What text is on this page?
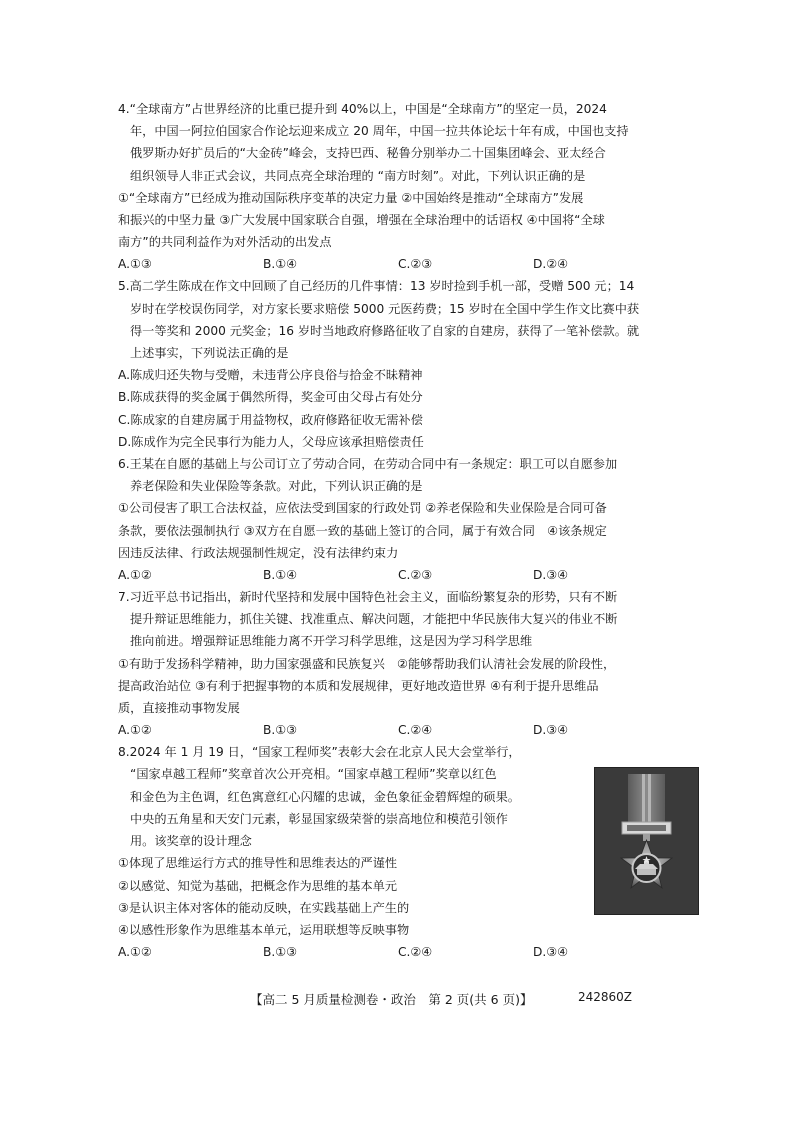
4.“全球南方”占世界经济的比重已提升到 40%以上，中国是“全球南方”的坚定一员，2024
年，中国一阿拉伯国家合作论坛迎来成立 20 周年，中国一拉共体论坛十年有成，中国也支持
俄罗斯办好扩员后的“大金砖”峰会，支持巴西、秘鲁分别举办二十国集团峰会、亚太经合
组织领导人非正式会议，共同点亮全球治理的 “南方时刻”。对此，下列认识正确的是
①“全球南方”已经成为推动国际秩序变革的决定力量 ②中国始终是推动“全球南方”发展
和振兴的中坚力量 ③广大发展中国家联合自强，增强在全球治理中的话语权 ④中国将“全球
南方”的共同利益作为对外活动的出发点
A.①③	B.①④	C.②③	D.②④
5.高二学生陈成在作文中回顾了自己经历的几件事情：13 岁时捡到手机一部，受赠 500 元；14
岁时在学校误伤同学，对方家长要求赔偿 5000 元医药费；15 岁时在全国中学生作文比赛中获
得一等奖和 2000 元奖金；16 岁时当地政府修路征收了自家的自建房，获得了一笔补偿款。就
上述事实，下列说法正确的是
A.陈成归还失物与受赠，未违背公序良俗与拾金不昧精神
B.陈成获得的奖金属于偶然所得，奖金可由父母占有处分
C.陈成家的自建房属于用益物权，政府修路征收无需补偿
D.陈成作为完全民事行为能力人，父母应该承担赔偿责任
6.王某在自愿的基础上与公司订立了劳动合同，在劳动合同中有一条规定：职工可以自愿参加
养老保险和失业保险等条款。对此，下列认识正确的是
①公司侵害了职工合法权益，应依法受到国家的行政处罚 ②养老保险和失业保险是合同可备
条款，要依法强制执行 ③双方在自愿一致的基础上签订的合同，属于有效合同　④该条规定
因违反法律、行政法规强制性规定，没有法律约束力
A.①②	B.①④	C.②③	D.③④
7.习近平总书记指出，新时代坚持和发展中国特色社会主义，面临纷繁复杂的形势，只有不断
提升辩证思维能力，抓住关键、找准重点、解决问题，才能把中华民族伟大复兴的伟业不断
推向前进。增强辩证思维能力离不开学习科学思维，这是因为学习科学思维
①有助于发扬科学精神，助力国家强盛和民族复兴　②能够帮助我们认清社会发展的阶段性，
提高政治站位 ③有利于把握事物的本质和发展规律，更好地改造世界 ④有利于提升思维品
质，直接推动事物发展
A.①②	B.①③	C.②④	D.③④
8.2024 年 1 月 19 日，“国家工程师奖”表彰大会在北京人民大会堂举行，
“国家卓越工程师”奖章首次公开亮相。“国家卓越工程师”奖章以红色
和金色为主色调，红色寓意红心闪耀的忠诚，金色象征金碧辉煌的硕果。
中央的五角星和天安门元素，彰显国家级荣誉的崇高地位和模范引领作
用。该奖章的设计理念
①体现了思维运行方式的推导性和思维表达的严谨性
②以感觉、知觉为基础，把概念作为思维的基本单元
③是认识主体对客体的能动反映，在实践基础上产生的
④以感性形象作为思维基本单元，运用联想等反映事物
A.①②	B.①③	C.②④	D.③④
【高二 5 月质量检测卷・政治　第 2 页(共 6 页)】	242860Z
